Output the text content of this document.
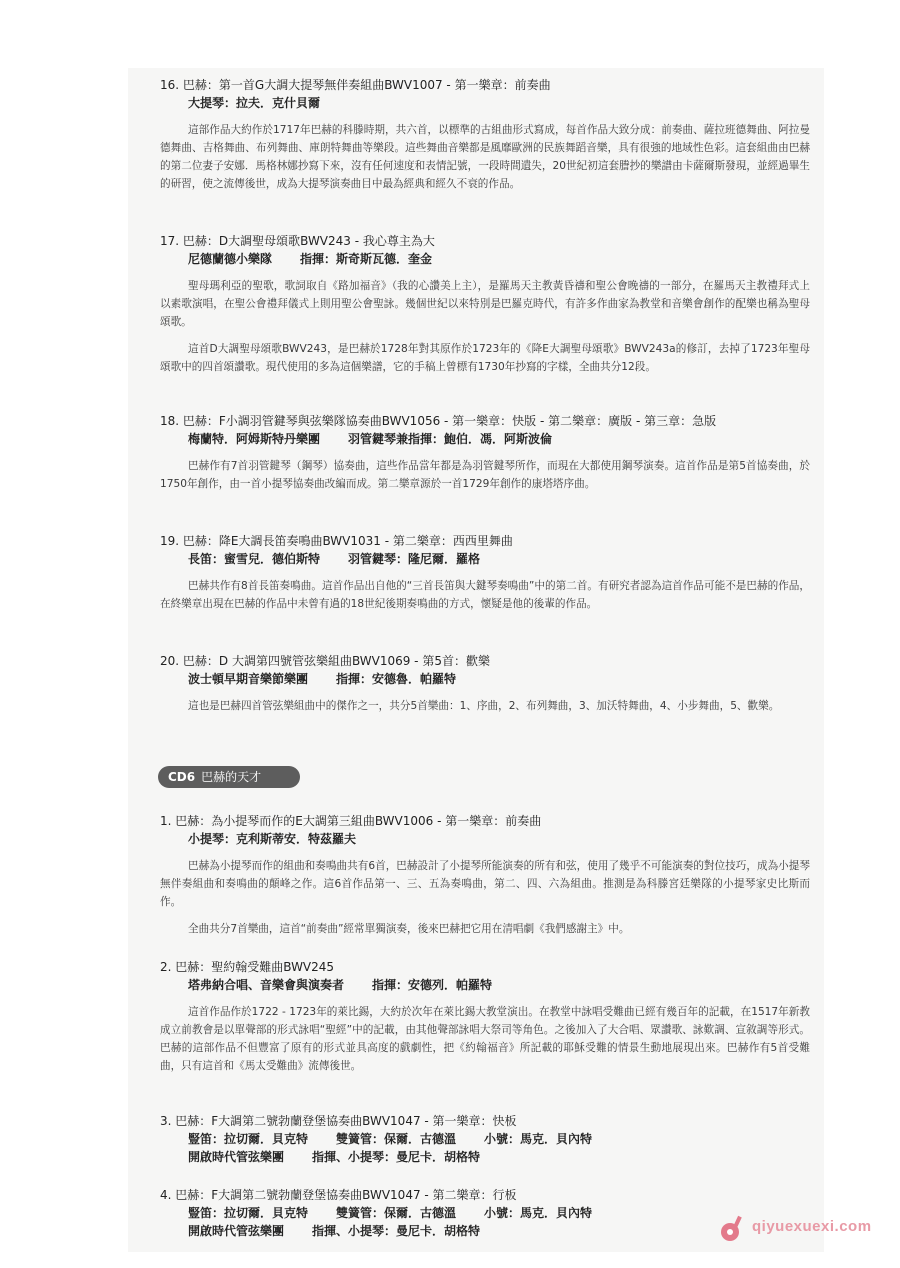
16. 巴赫：第一首G大調大提琴無伴奏組曲BWV1007 - 第一樂章：前奏曲
大提琴：拉夫．克什貝爾
這部作品大約作於1717年巴赫的科滕時期，共六首，以標準的古組曲形式寫成，每首作品大致分成：前奏曲、薩拉班德舞曲、阿拉曼德舞曲、吉格舞曲、布列舞曲、庫朗特舞曲等樂段。這些舞曲音樂都是風靡歐洲的民族舞蹈音樂，具有很強的地域性色彩。這套組曲由巴赫的第二位妻子安娜．馬格林娜抄寫下來，沒有任何速度和表情記號，一段時間遺失，20世紀初這套謄抄的樂譜由卡薩爾斯發現，並經過畢生的研習，使之流傳後世，成為大提琴演奏曲目中最為經典和經久不衰的作品。
17. 巴赫：D大調聖母頌歌BWV243 - 我心尊主為大
尼德蘭德小樂隊 指揮：斯奇斯瓦德．奎金
聖母瑪利亞的聖歌，歌詞取自《路加福音》（我的心讚美上主），是羅馬天主教黃昏禱和聖公會晚禱的一部分，在羅馬天主教禮拜式上以素歌演唱，在聖公會禮拜儀式上則用聖公會聖詠。幾個世紀以來特別是巴羅克時代，有許多作曲家為教堂和音樂會創作的配樂也稱為聖母頌歌。
這首D大調聖母頌歌BWV243，是巴赫於1728年對其原作於1723年的《降E大調聖母頌歌》BWV243a的修訂，去掉了1723年聖母頌歌中的四首頌讚歌。現代使用的多為這個樂譜，它的手稿上曾標有1730年抄寫的字樣，全曲共分12段。
18. 巴赫：F小調羽管鍵琴與弦樂隊協奏曲BWV1056 - 第一樂章：快版 - 第二樂章：廣版 - 第三章：急版
梅蘭特．阿姆斯特丹樂團 羽管鍵琴兼指揮：鮑伯．馮．阿斯波倫
巴赫作有7首羽管鍵琴（鋼琴）協奏曲，這些作品當年都是為羽管鍵琴所作，而現在大都使用鋼琴演奏。這首作品是第5首協奏曲，於1750年創作，由一首小提琴協奏曲改編而成。第二樂章源於一首1729年創作的康塔塔序曲。
19. 巴赫：降E大調長笛奏鳴曲BWV1031 - 第二樂章：西西里舞曲
長笛：蜜雪兒．德伯斯特 羽管鍵琴：隆尼爾．羅格
巴赫共作有8首長笛奏鳴曲。這首作品出自他的“三首長笛與大鍵琴奏鳴曲”中的第二首。有研究者認為這首作品可能不是巴赫的作品，在終樂章出現在巴赫的作品中未曾有過的18世紀後期奏鳴曲的方式，懷疑是他的後輩的作品。
20. 巴赫：D 大調第四號管弦樂組曲BWV1069 - 第5首：歡樂
波士頓早期音樂節樂團 指揮：安德魯．帕羅特
這也是巴赫四首管弦樂組曲中的傑作之一，共分5首樂曲：1、序曲，2、布列舞曲，3、加沃特舞曲，4、小步舞曲，5、歡樂。
CD6 巴赫的天才
1. 巴赫：為小提琴而作的E大調第三組曲BWV1006 - 第一樂章：前奏曲
小提琴：克利斯蒂安．特茲羅夫
巴赫為小提琴而作的組曲和奏鳴曲共有6首，巴赫設計了小提琴所能演奏的所有和弦，使用了幾乎不可能演奏的對位技巧，成為小提琴無伴奏組曲和奏鳴曲的顛峰之作。這6首作品第一、三、五為奏鳴曲，第二、四、六為組曲。推測是為科滕宮廷樂隊的小提琴家史比斯而作。
全曲共分7首樂曲，這首“前奏曲”經常單獨演奏，後來巴赫把它用在清唱劇《我們感謝主》中。
2. 巴赫：聖約翰受難曲BWV245
塔弗納合唱、音樂會與演奏者 指揮：安德列．帕羅特
這首作品作於1722 - 1723年的萊比錫，大約於次年在萊比錫大教堂演出。在教堂中詠唱受難曲已經有幾百年的記載，在1517年新教成立前教會是以單聲部的形式詠唱“聖經”中的記載，由其他聲部詠唱大祭司等角色。之後加入了大合唱、眾讚歌、詠歎調、宣敘調等形式。巴赫的這部作品不但豐富了原有的形式並具高度的戲劇性，把《約翰福音》所記載的耶穌受難的情景生動地展現出來。巴赫作有5首受難曲，只有這首和《馬太受難曲》流傳後世。
3. 巴赫：F大調第二號勃蘭登堡協奏曲BWV1047 - 第一樂章：快板
豎笛：拉切爾．貝克特 雙簧管：保爾．古德溫 小號：馬克．貝內特
開啟時代管弦樂團 指揮、小提琴：曼尼卡．胡格特
4. 巴赫：F大調第二號勃蘭登堡協奏曲BWV1047 - 第二樂章：行板
豎笛：拉切爾．貝克特 雙簧管：保爾．古德溫 小號：馬克．貝內特
開啟時代管弦樂團 指揮、小提琴：曼尼卡．胡格特	qiyuexuexi.com
